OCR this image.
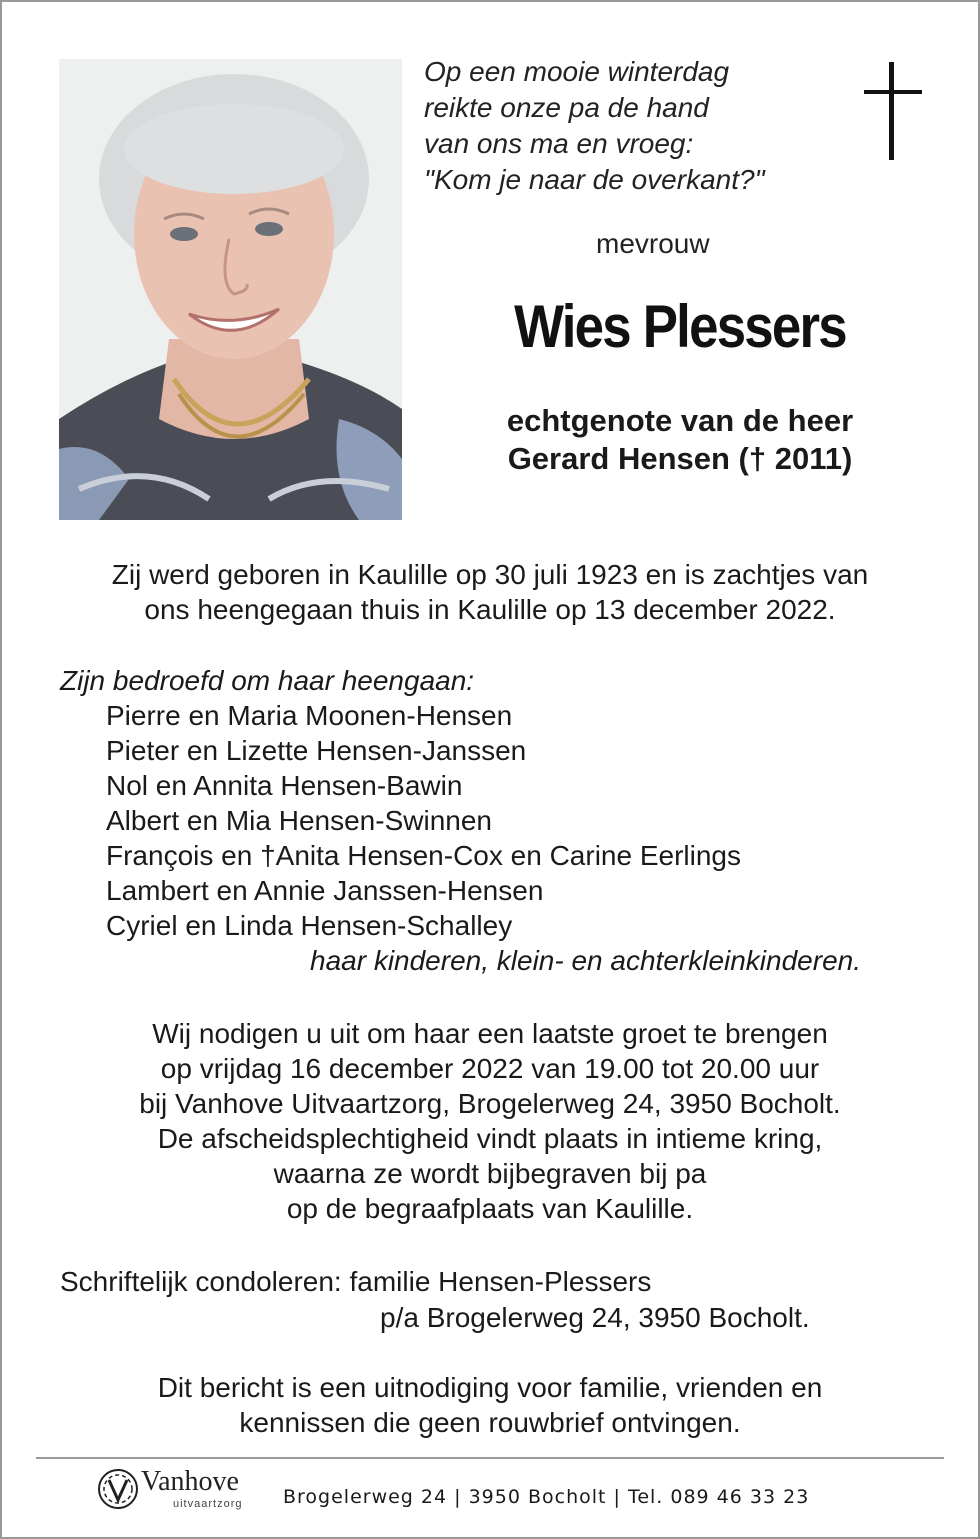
Op een mooie winterdag
reikte onze pa de hand
van ons ma en vroeg:
"Kom je naar de overkant?"
mevrouw
Wies Plessers
echtgenote van de heer
Gerard Hensen († 2011)
Zij werd geboren in Kaulille op 30 juli 1923 en is zachtjes van
ons heengegaan thuis in Kaulille op 13 december 2022.
Zijn bedroefd om haar heengaan:
Pierre en Maria Moonen-Hensen
Pieter en Lizette Hensen-Janssen
Nol en Annita Hensen-Bawin
Albert en Mia Hensen-Swinnen
François en †Anita Hensen-Cox en Carine Eerlings
Lambert en Annie Janssen-Hensen
Cyriel en Linda Hensen-Schalley
haar kinderen, klein- en achterkleinkinderen.
Wij nodigen u uit om haar een laatste groet te brengen
op vrijdag 16 december 2022 van 19.00 tot 20.00 uur
bij Vanhove Uitvaartzorg, Brogelerweg 24, 3950 Bocholt.
De afscheidsplechtigheid vindt plaats in intieme kring,
waarna ze wordt bijbegraven bij pa
op de begraafplaats van Kaulille.
Schriftelijk condoleren: familie Hensen-Plessers
p/a Brogelerweg 24, 3950 Bocholt.
Dit bericht is een uitnodiging voor familie, vrienden en
kennissen die geen rouwbrief ontvingen.
Vanhove
uitvaartzorg Brogelerweg 24 | 3950 Bocholt | Tel. 089 46 33 23
